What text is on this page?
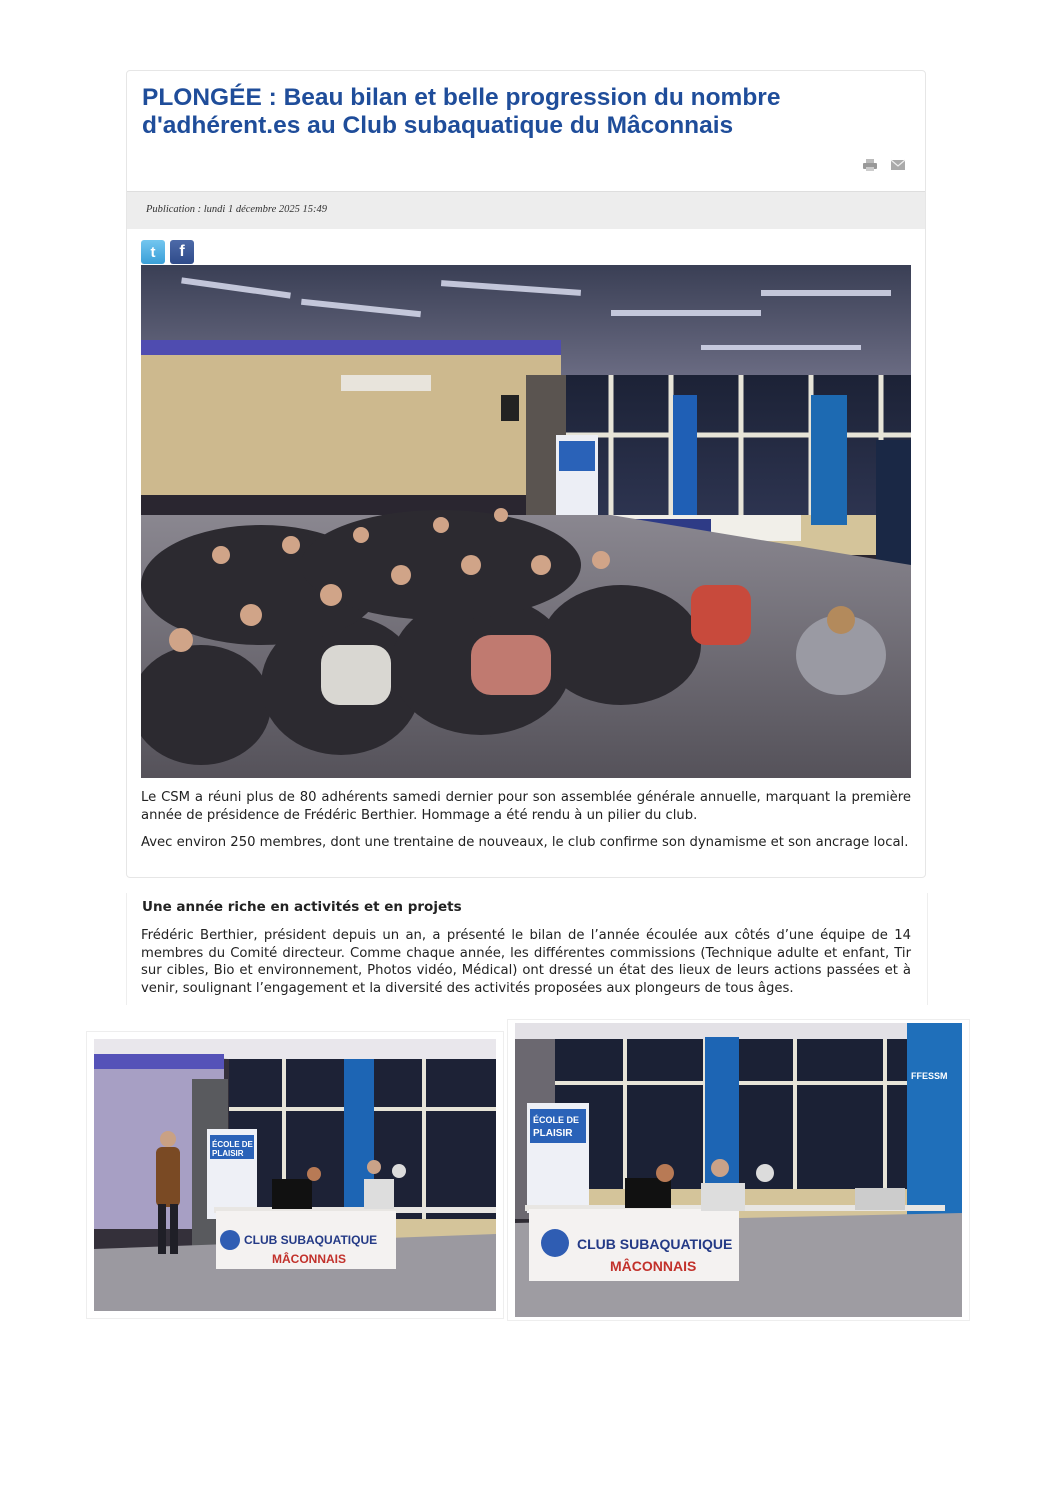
PLONGÉE : Beau bilan et belle progression du nombre d'adhérent.es au Club subaquatique du Mâconnais
Publication : lundi 1 décembre 2025 15:49
t f

Le CSM a réuni plus de 80 adhérents samedi dernier pour son assemblée générale annuelle, marquant la première année de présidence de Frédéric Berthier. Hommage a été rendu à un pilier du club.

Avec environ 250 membres, dont une trentaine de nouveaux, le club confirme son dynamisme et son ancrage local.

Une année riche en activités et en projets

Frédéric Berthier, président depuis un an, a présenté le bilan de l’année écoulée aux côtés d’une équipe de 14 membres du Comité directeur. Comme chaque année, les différentes commissions (Technique adulte et enfant, Tir sur cibles, Bio et environnement, Photos vidéo, Médical) ont dressé un état des lieux de leurs actions passées et à venir, soulignant l’engagement et la diversité des activités proposées aux plongeurs de tous âges.

ÉCOLE DE
PLAISIR
CLUB SUBAQUATIQUE
MÂCONNAIS
ÉCOLE DE
PLAISIR
FFESSM
CLUB SUBAQUATIQUE
MÂCONNAIS
